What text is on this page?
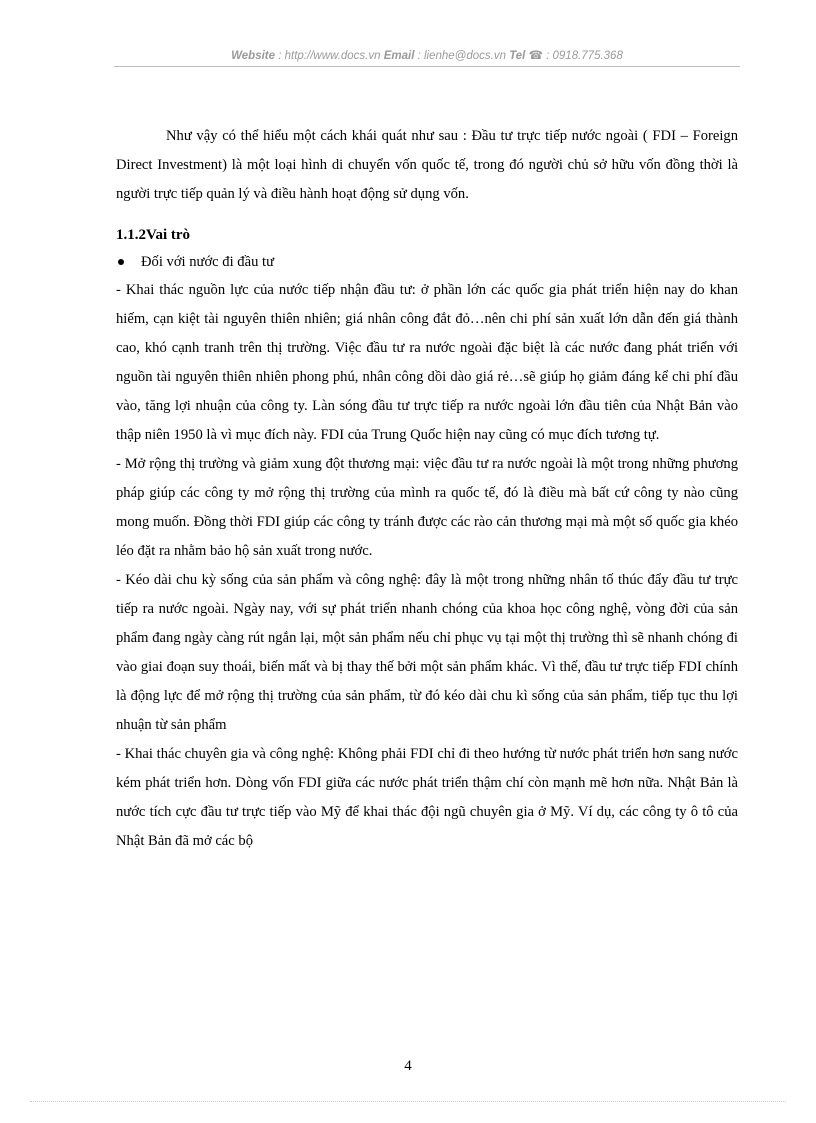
Website : http://www.docs.vn Email : lienhe@docs.vn Tel ☎ : 0918.775.368

Như vậy có thể hiểu một cách khái quát như sau : Đầu tư trực tiếp nước ngoài ( FDI – Foreign Direct Investment) là một loại hình di chuyển vốn quốc tế, trong đó người chủ sở hữu vốn đồng thời là người trực tiếp quản lý và điều hành hoạt động sử dụng vốn.

1.1.2Vai trò
Đối với nước đi đầu tư

- Khai thác nguồn lực của nước tiếp nhận đầu tư: ở phần lớn các quốc gia phát triển hiện nay do khan hiếm, cạn kiệt tài nguyên thiên nhiên; giá nhân công đắt đỏ…nên chi phí sản xuất lớn dẫn đến giá thành cao, khó cạnh tranh trên thị trường. Việc đầu tư ra nước ngoài đặc biệt là các nước đang phát triển với nguồn tài nguyên thiên nhiên phong phú, nhân công dồi dào giá rẻ…sẽ giúp họ giảm đáng kể chi phí đầu vào, tăng lợi nhuận của công ty. Làn sóng đầu tư trực tiếp ra nước ngoài lớn đầu tiên của Nhật Bản vào thập niên 1950 là vì mục đích này. FDI của Trung Quốc hiện nay cũng có mục đích tương tự.

- Mở rộng thị trường và giảm xung đột thương mại: việc đầu tư ra nước ngoài là một trong những phương pháp giúp các công ty mở rộng thị trường của mình ra quốc tế, đó là điều mà bất cứ công ty nào cũng mong muốn. Đồng thời FDI giúp các công ty tránh được các rào cản thương mại mà một số quốc gia khéo léo đặt ra nhằm bảo hộ sản xuất trong nước.

- Kéo dài chu kỳ sống của sản phẩm và công nghệ: đây là một trong những nhân tố thúc đẩy đầu tư trực tiếp ra nước ngoài. Ngày nay, với sự phát triển nhanh chóng của khoa học công nghệ, vòng đời của sản phẩm đang ngày càng rút ngắn lại, một sản phẩm nếu chỉ phục vụ tại một thị trường thì sẽ nhanh chóng đi vào giai đoạn suy thoái, biến mất và bị thay thế bởi một sản phẩm khác. Vì thế, đầu tư trực tiếp FDI chính là động lực để mở rộng thị trường của sản phẩm, từ đó kéo dài chu kì sống của sản phẩm, tiếp tục thu lợi nhuận từ sản phẩm

- Khai thác chuyên gia và công nghệ: Không phải FDI chỉ đi theo hướng từ nước phát triển hơn sang nước kém phát triển hơn. Dòng vốn FDI giữa các nước phát triển thậm chí còn mạnh mẽ hơn nữa. Nhật Bản là nước tích cực đầu tư trực tiếp vào Mỹ để khai thác đội ngũ chuyên gia ở Mỹ. Ví dụ, các công ty ô tô của Nhật Bản đã mở các bộ

4
